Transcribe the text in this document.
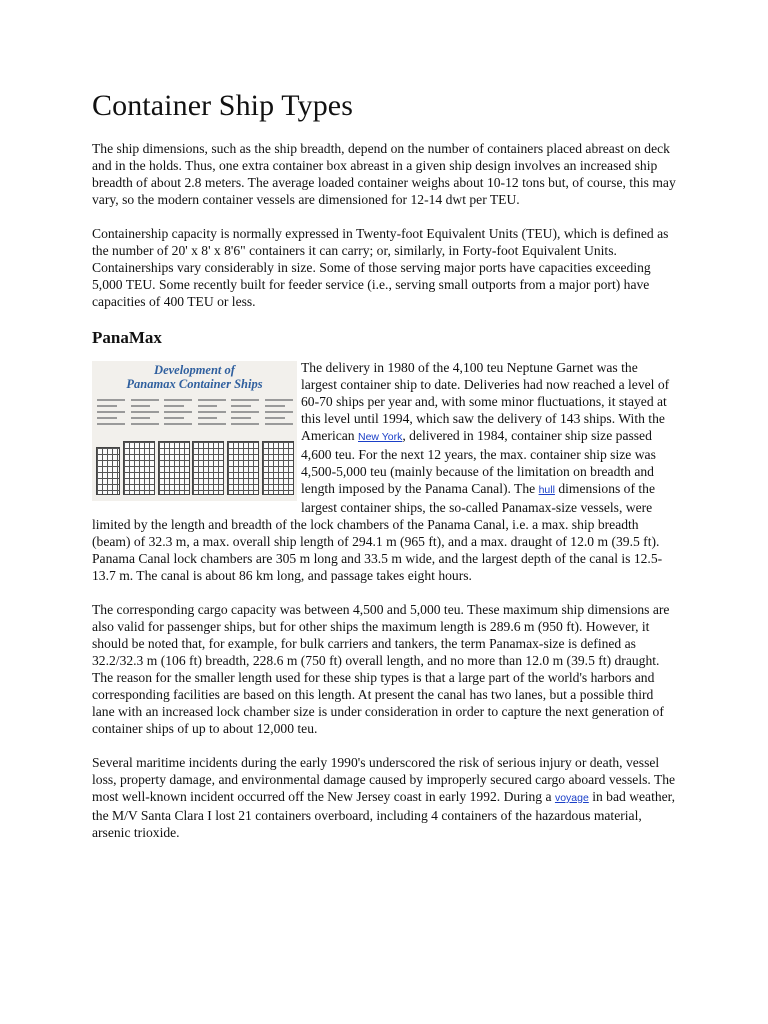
Container Ship Types

The ship dimensions, such as the ship breadth, depend on the number of containers placed abreast on deck and in the holds. Thus, one extra container box abreast in a given ship design involves an increased ship breadth of about 2.8 meters. The average loaded container weighs about 10-12 tons but, of course, this may vary, so the modern container vessels are dimensioned for 12-14 dwt per TEU.

Containership capacity is normally expressed in Twenty-foot Equivalent Units (TEU), which is defined as the number of 20' x 8' x 8'6" containers it can carry; or, similarly, in Forty-foot Equivalent Units. Containerships vary considerably in size. Some of those serving major ports have capacities exceeding 5,000 TEU. Some recently built for feeder service (i.e., serving small outports from a major port) have capacities of 400 TEU or less.

PanaMax
Development of
Panamax Container Ships

The delivery in 1980 of the 4,100 teu Neptune Garnet was the largest container ship to date. Deliveries had now reached a level of 60-70 ships per year and, with some minor fluctuations, it stayed at this level until 1994, which saw the delivery of 143 ships. With the American New York, delivered in 1984, container ship size passed 4,600 teu. For the next 12 years, the max. container ship size was 4,500-5,000 teu (mainly because of the limitation on breadth and length imposed by the Panama Canal). The hull dimensions of the largest container ships, the so-called Panamax-size vessels, were limited by the length and breadth of the lock chambers of the Panama Canal, i.e. a max. ship breadth (beam) of 32.3 m, a max. overall ship length of 294.1 m (965 ft), and a max. draught of 12.0 m (39.5 ft). Panama Canal lock chambers are 305 m long and 33.5 m wide, and the largest depth of the canal is 12.5-13.7 m. The canal is about 86 km long, and passage takes eight hours.

The corresponding cargo capacity was between 4,500 and 5,000 teu. These maximum ship dimensions are also valid for passenger ships, but for other ships the maximum length is 289.6 m (950 ft). However, it should be noted that, for example, for bulk carriers and tankers, the term Panamax-size is defined as 32.2/32.3 m (106 ft) breadth, 228.6 m (750 ft) overall length, and no more than 12.0 m (39.5 ft) draught. The reason for the smaller length used for these ship types is that a large part of the world's harbors and corresponding facilities are based on this length. At present the canal has two lanes, but a possible third lane with an increased lock chamber size is under consideration in order to capture the next generation of container ships of up to about 12,000 teu.

Several maritime incidents during the early 1990's underscored the risk of serious injury or death, vessel loss, property damage, and environmental damage caused by improperly secured cargo aboard vessels. The most well-known incident occurred off the New Jersey coast in early 1992. During a voyage in bad weather, the M/V Santa Clara I lost 21 containers overboard, including 4 containers of the hazardous material, arsenic trioxide.
